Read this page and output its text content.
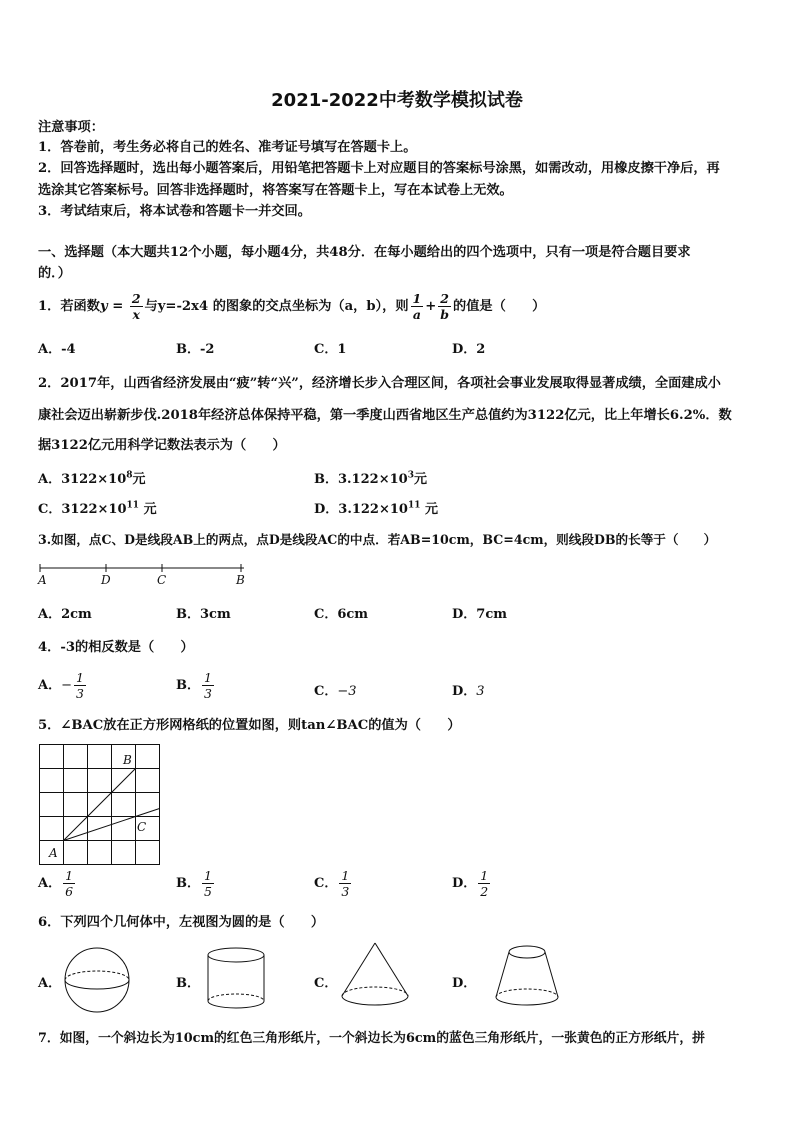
2021-2022中考数学模拟试卷
注意事项：
1．答卷前，考生务必将自己的姓名、准考证号填写在答题卡上。
2．回答选择题时，选出每小题答案后，用铅笔把答题卡上对应题目的答案标号涂黑，如需改动，用橡皮擦干净后，再
选涂其它答案标号。回答非选择题时，将答案写在答题卡上，写在本试卷上无效。
3．考试结束后，将本试卷和答题卡一并交回。
一、选择题（本大题共12个小题，每小题4分，共48分．在每小题给出的四个选项中，只有一项是符合题目要求
的．）
1．若函数$y = \frac{2}{x}$ 与y=-2x4 的图象的交点坐标为（a，b），则 $\frac{1}{a} + \frac{2}{b}$ 的值是（　　）
A．-4	B．-2	C．1	D．2
2．2017年，山西省经济发展由“疲”转“兴”，经济增长步入合理区间，各项社会事业发展取得显著成绩，全面建成小
康社会迈出崭新步伐.2018年经济总体保持平稳，第一季度山西省地区生产总值约为3122亿元，比上年增长6.2%．数
据3122亿元用科学记数法表示为（　　）
A．$3122\times 10^8$元	B．$3.122\times 10^3$元
C．$3122\times 10^{11}$ 元	D．$3.122\times 10^{11}$ 元
3.如图，点C、D是线段AB上的两点，点D是线段AC的中点．若AB=10cm，BC=4cm，则线段DB的长等于（　　）
A	D	C	B
A．2cm	B．3cm	C．6cm	D．7cm
4．-3的相反数是（　　）
A．− $\frac{1}{3}$	B． $\frac{1}{3}$	C．−3	D．3
5．∠BAC放在正方形网格纸的位置如图，则tan∠BAC的值为（　　）
B
C
A
A． $\frac{1}{6}$	B． $\frac{1}{5}$	C． $\frac{1}{3}$	D． $\frac{1}{2}$
6．下列四个几何体中，左视图为圆的是（　　）
A．	B．	C．	D．
7．如图，一个斜边长为10cm的红色三角形纸片，一个斜边长为6cm的蓝色三角形纸片，一张黄色的正方形纸片，拼
